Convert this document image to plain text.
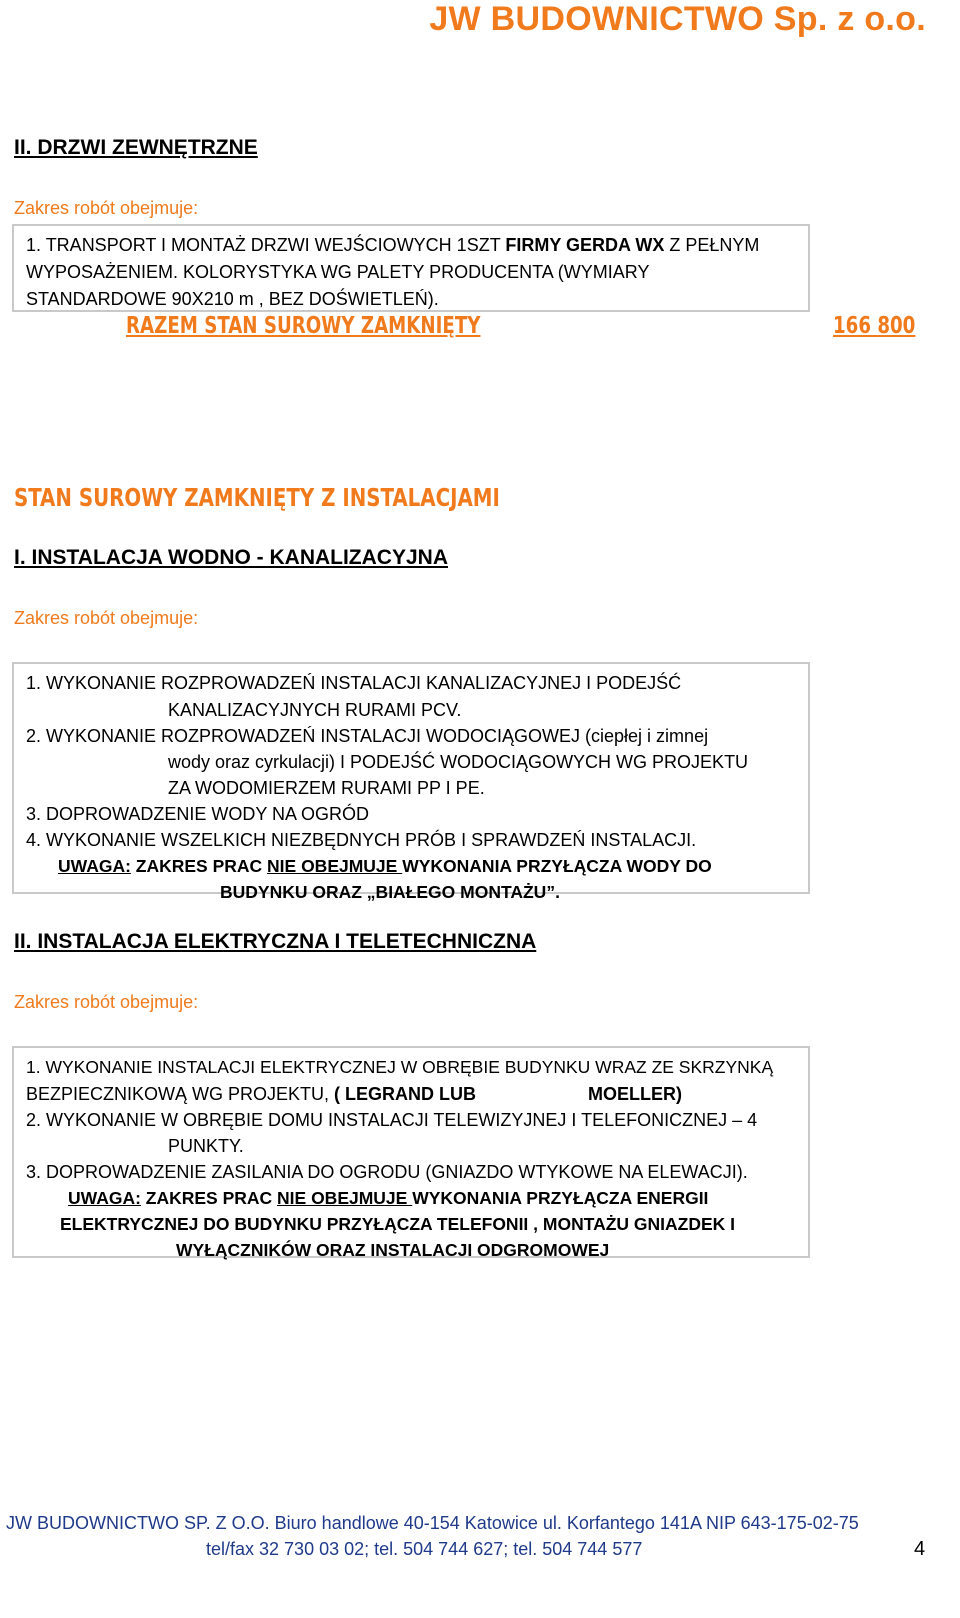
JW BUDOWNICTWO Sp. z o.o.
II. DRZWI ZEWNĘTRZNE
Zakres robót obejmuje:
1. TRANSPORT I MONTAŻ DRZWI WEJŚCIOWYCH 1SZT FIRMY GERDA WX Z PEŁNYM
WYPOSAŻENIEM. KOLORYSTYKA WG PALETY PRODUCENTA (WYMIARY
STANDARDOWE 90X210 m , BEZ DOŚWIETLEŃ).
RAZEM STAN SUROWY ZAMKNIĘTY	166 800
STAN SUROWY ZAMKNIĘTY Z INSTALACJAMI
I. INSTALACJA WODNO - KANALIZACYJNA
Zakres robót obejmuje:
1. WYKONANIE ROZPROWADZEŃ INSTALACJI KANALIZACYJNEJ I PODEJŚĆ
KANALIZACYJNYCH RURAMI PCV.
2. WYKONANIE ROZPROWADZEŃ INSTALACJI WODOCIĄGOWEJ (ciepłej i zimnej
wody oraz cyrkulacji) I PODEJŚĆ WODOCIĄGOWYCH WG PROJEKTU
ZA WODOMIERZEM RURAMI PP I PE.
3. DOPROWADZENIE WODY NA OGRÓD
4. WYKONANIE WSZELKICH NIEZBĘDNYCH PRÓB I SPRAWDZEŃ INSTALACJI.
UWAGA: ZAKRES PRAC NIE OBEJMUJE WYKONANIA PRZYŁĄCZA WODY DO
BUDYNKU ORAZ „BIAŁEGO MONTAŻU”.
II. INSTALACJA ELEKTRYCZNA I TELETECHNICZNA
Zakres robót obejmuje:
1. WYKONANIE INSTALACJI ELEKTRYCZNEJ W OBRĘBIE BUDYNKU WRAZ ZE SKRZYNKĄ
BEZPIECZNIKOWĄ WG PROJEKTU, ( LEGRAND LUB	MOELLER)
2. WYKONANIE W OBRĘBIE DOMU INSTALACJI TELEWIZYJNEJ I TELEFONICZNEJ – 4
PUNKTY.
3. DOPROWADZENIE ZASILANIA DO OGRODU (GNIAZDO WTYKOWE NA ELEWACJI).
UWAGA: ZAKRES PRAC NIE OBEJMUJE WYKONANIA PRZYŁĄCZA ENERGII
ELEKTRYCZNEJ DO BUDYNKU PRZYŁĄCZA TELEFONII , MONTAŻU GNIAZDEK I
WYŁĄCZNIKÓW ORAZ INSTALACJI ODGROMOWEJ
JW BUDOWNICTWO SP. Z O.O. Biuro handlowe 40-154 Katowice ul. Korfantego 141A NIP 643-175-02-75
tel/fax 32 730 03 02; tel. 504 744 627; tel. 504 744 577	4
